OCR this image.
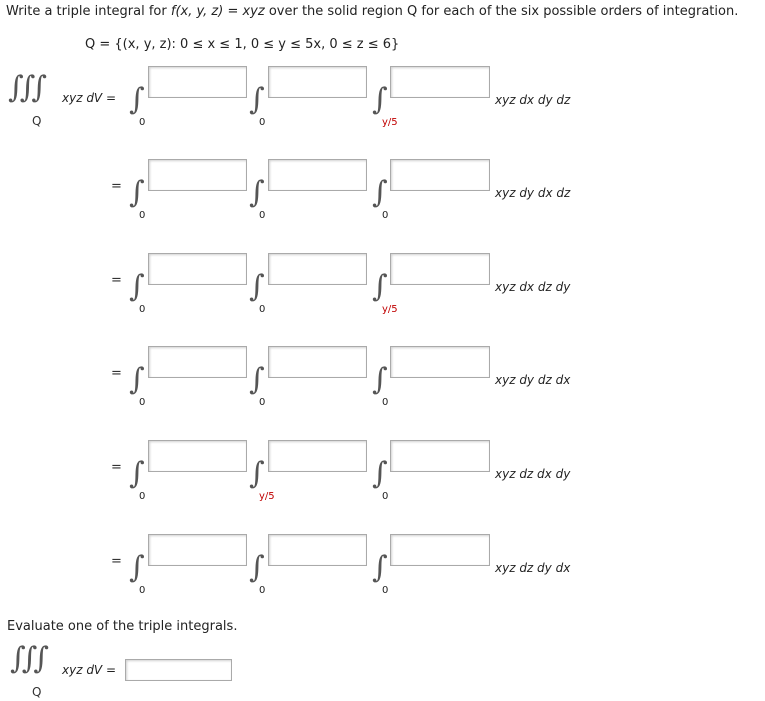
Write a triple integral for f(x, y, z) = xyz over the solid region Q for each of the six possible orders of integration.
Q = {(x, y, z): 0 ≤ x ≤ 1, 0 ≤ y ≤ 5x, 0 ≤ z ≤ 6}
∫∫∫
Q
xyz dV = ∫
0
∫
0
∫
y/5
xyz dx dy dz
= ∫
0
∫
0
∫
0
xyz dy dx dz
= ∫
0
∫
0
∫
y/5
xyz dx dz dy
= ∫
0
∫
0
∫
0
xyz dy dz dx
= ∫
0
∫
y/5
∫
0
xyz dz dx dy
= ∫
0
∫
0
∫
0
xyz dz dy dx
Evaluate one of the triple integrals.
∫∫∫
Q
xyz dV =
